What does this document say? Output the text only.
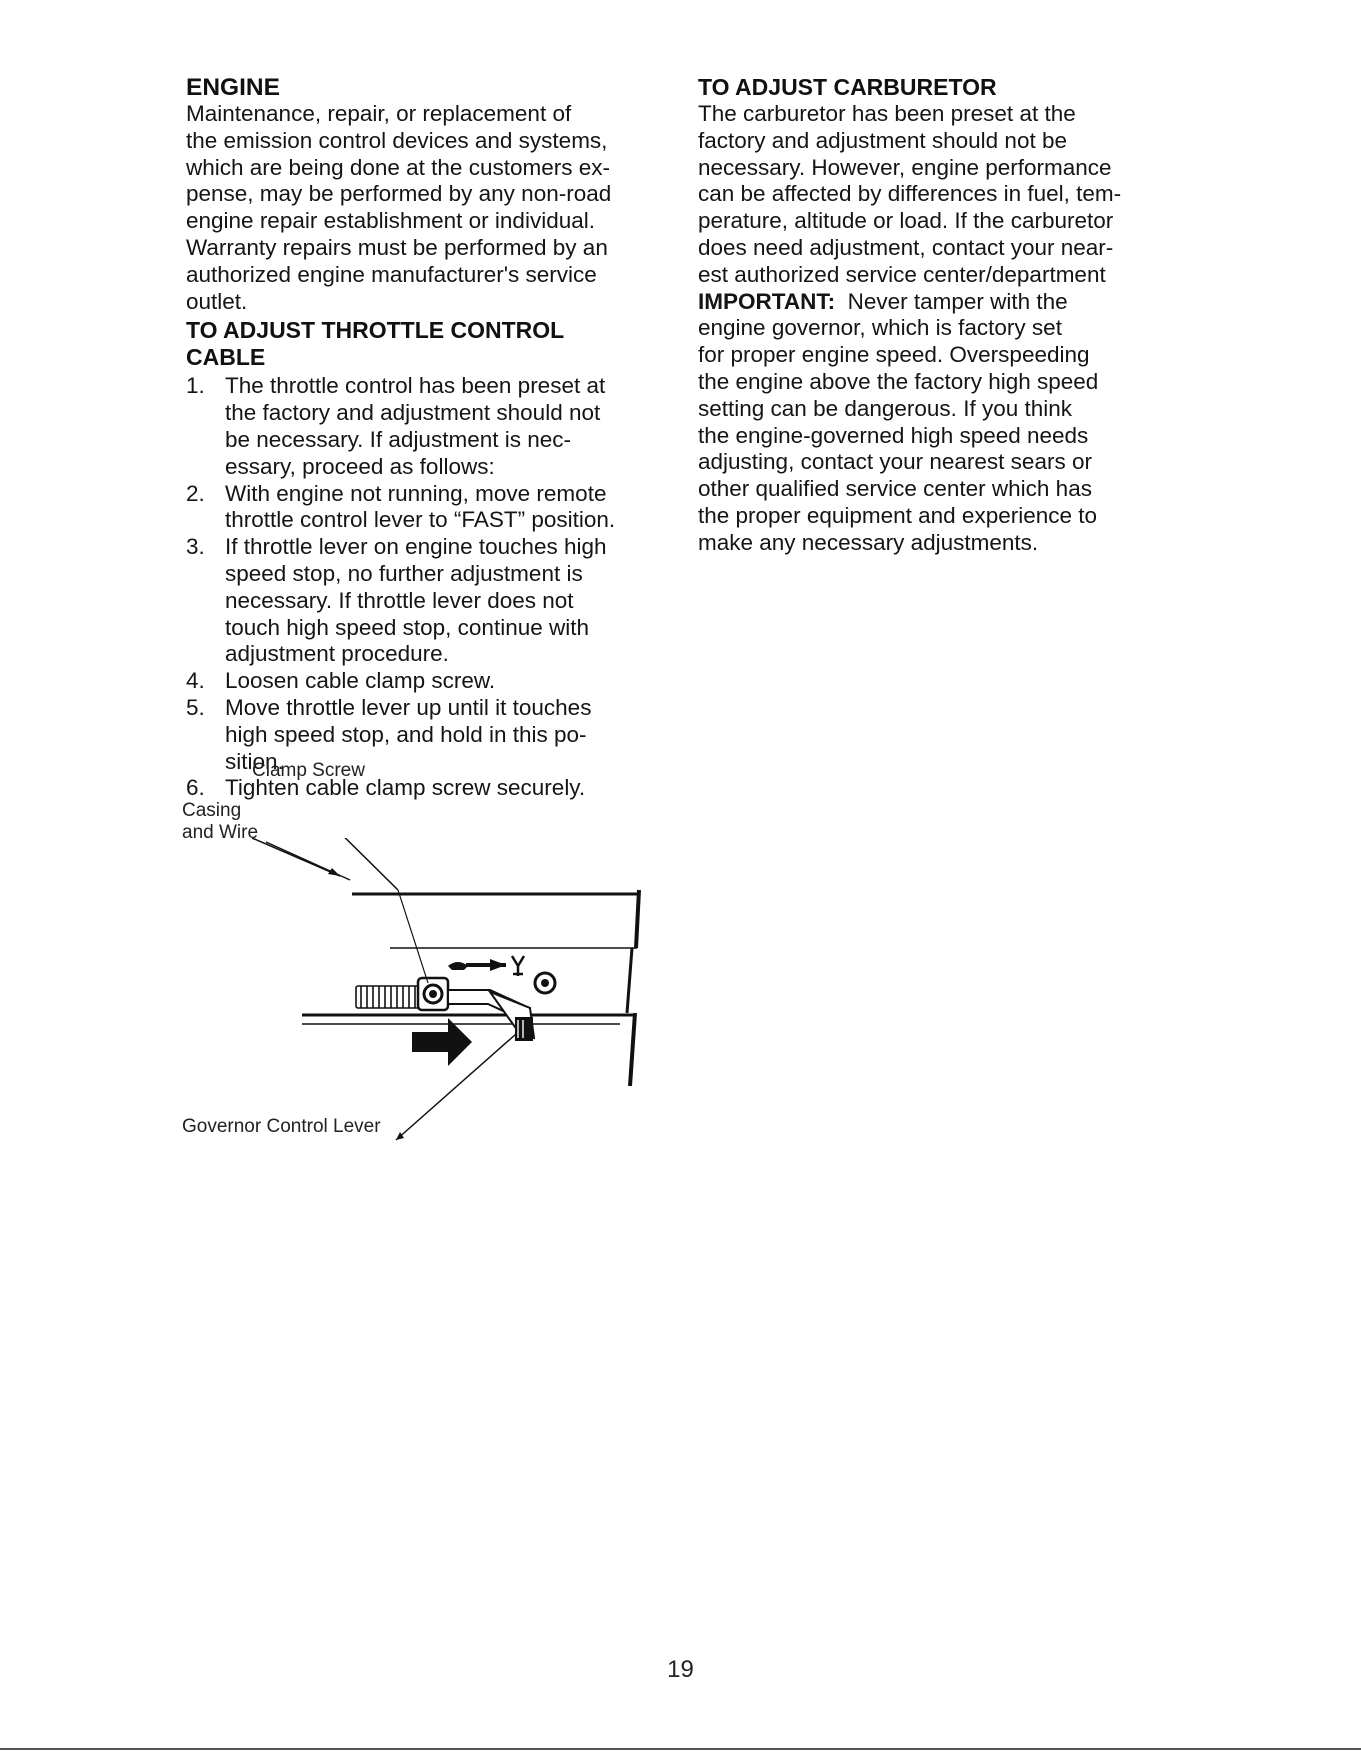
ENGINE

Maintenance, repair, or replacement of
the emission control devices and systems,
which are being done at the customers ex-
pense, may be performed by any non-road
engine repair establishment or individual.
Warranty repairs must be performed by an
authorized engine manufacturer's service
outlet.

TO ADJUST THROTTLE CONTROL
CABLE
1. The throttle control has been preset at
the factory and adjustment should not
be necessary. If adjustment is nec-
essary, proceed as follows:
2. With engine not running, move remote
throttle control lever to “FAST” position.
3. If throttle lever on engine touches high
speed stop, no further adjustment is
necessary. If throttle lever does not
touch high speed stop, continue with
adjustment procedure.
4. Loosen cable clamp screw.
5. Move throttle lever up until it touches
high speed stop, and hold in this po-
sition.
6. Tighten cable clamp screw securely.
Clamp Screw
Casing
and Wire
Governor Control Lever
TO ADJUST CARBURETOR

The carburetor has been preset at the
factory and adjustment should not be
necessary. However, engine performance
can be affected by differences in fuel, tem-
perature, altitude or load. If the carburetor
does need adjustment, contact your near-
est authorized service center/department

IMPORTANT:  Never tamper with the

engine governor, which is factory set
for proper engine speed. Overspeeding
the engine above the factory high speed
setting can be dangerous. If you think
the engine-governed high speed needs
adjusting, contact your nearest sears or
other qualified service center which has
the proper equipment and experience to
make any necessary adjustments.

19
